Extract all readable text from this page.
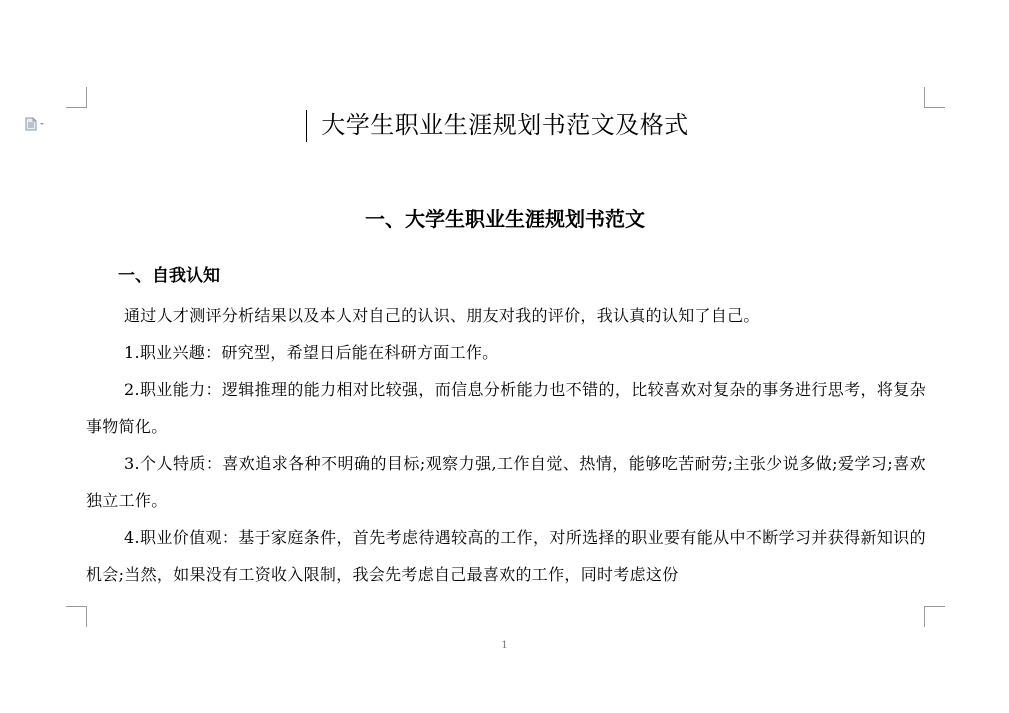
大学生职业生涯规划书范文及格式
一、大学生职业生涯规划书范文
一、自我认知

通过人才测评分析结果以及本人对自己的认识、朋友对我的评价，我认真的认知了自己。

1.职业兴趣：研究型，希望日后能在科研方面工作。

2.职业能力：逻辑推理的能力相对比较强，而信息分析能力也不错的，比较喜欢对复杂的事务进行思考，将复杂事物简化。

3.个人特质：喜欢追求各种不明确的目标;观察力强,工作自觉、热情，能够吃苦耐劳;主张少说多做;爱学习;喜欢独立工作。

4.职业价值观：基于家庭条件，首先考虑待遇较高的工作，对所选择的职业要有能从中不断学习并获得新知识的机会;当然，如果没有工资收入限制，我会先考虑自己最喜欢的工作，同时考虑这份

1
